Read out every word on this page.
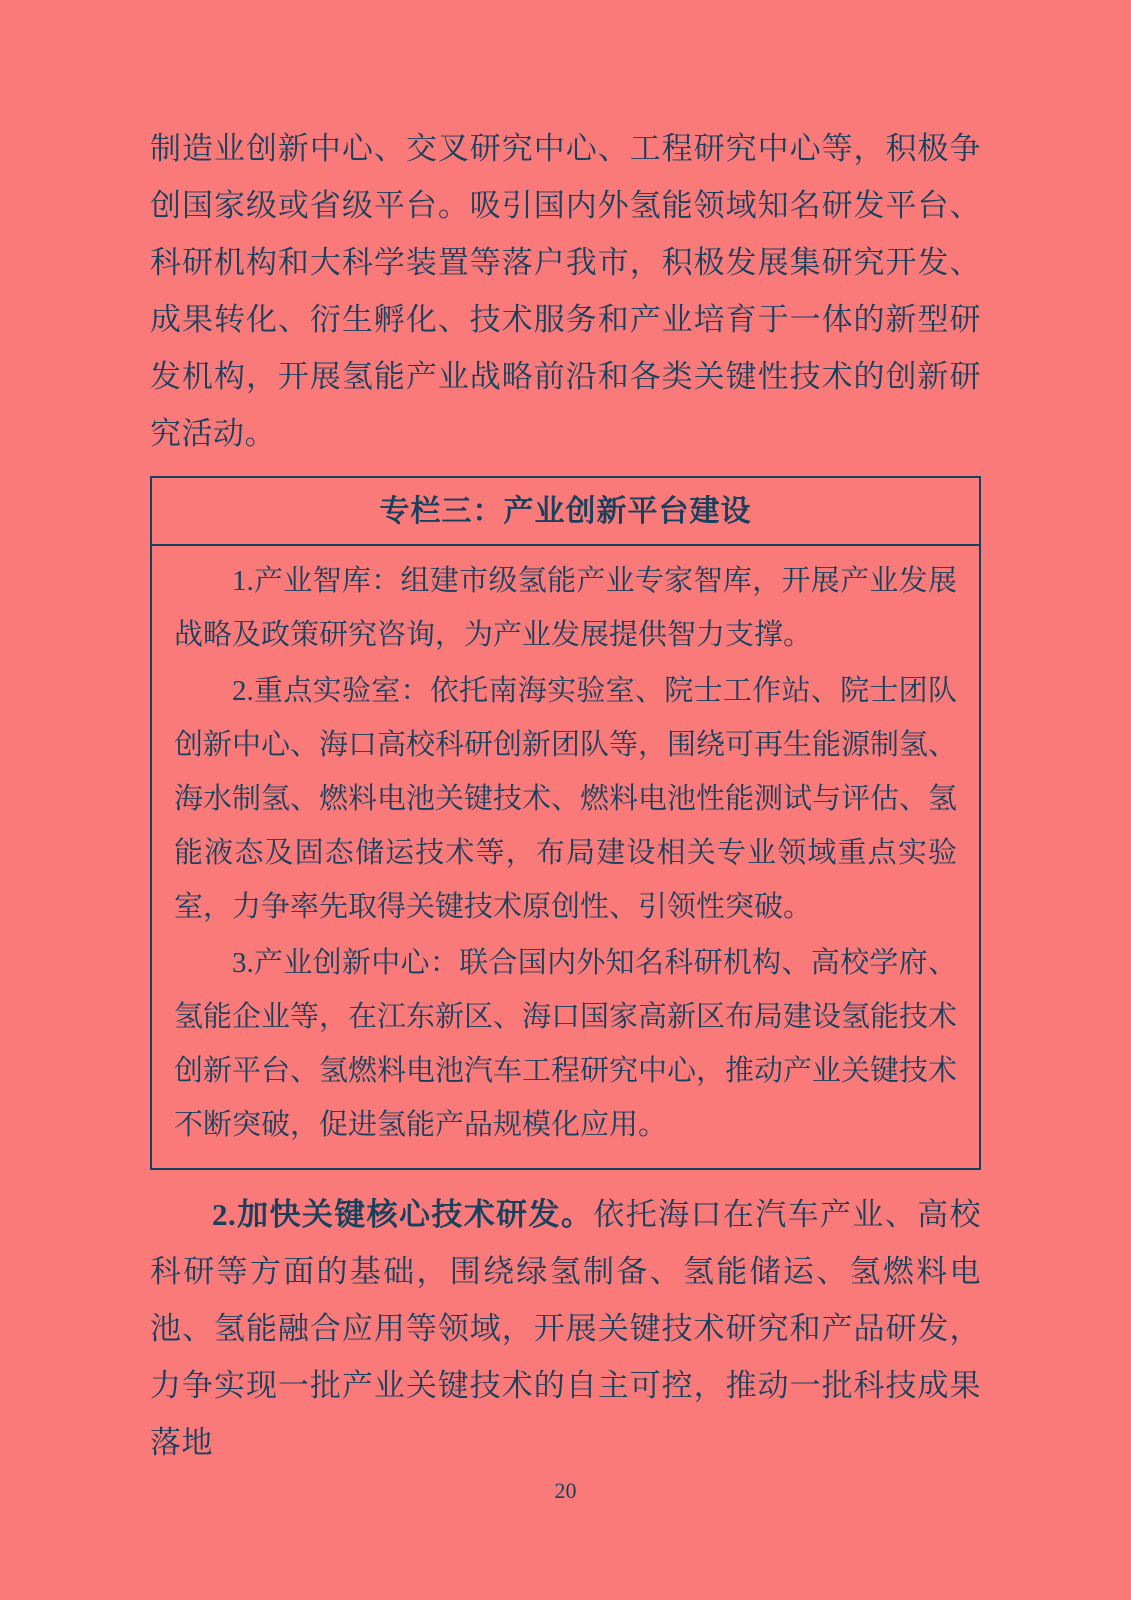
制造业创新中心、交叉研究中心、工程研究中心等，积极争创国家级或省级平台。吸引国内外氢能领域知名研发平台、科研机构和大科学装置等落户我市，积极发展集研究开发、成果转化、衍生孵化、技术服务和产业培育于一体的新型研发机构，开展氢能产业战略前沿和各类关键性技术的创新研究活动。

专栏三：产业创新平台建设

1.产业智库：组建市级氢能产业专家智库，开展产业发展战略及政策研究咨询，为产业发展提供智力支撑。

2.重点实验室：依托南海实验室、院士工作站、院士团队创新中心、海口高校科研创新团队等，围绕可再生能源制氢、海水制氢、燃料电池关键技术、燃料电池性能测试与评估、氢能液态及固态储运技术等，布局建设相关专业领域重点实验室，力争率先取得关键技术原创性、引领性突破。

3.产业创新中心：联合国内外知名科研机构、高校学府、氢能企业等，在江东新区、海口国家高新区布局建设氢能技术创新平台、氢燃料电池汽车工程研究中心，推动产业关键技术不断突破，促进氢能产品规模化应用。

2.加快关键核心技术研发。依托海口在汽车产业、高校科研等方面的基础，围绕绿氢制备、氢能储运、氢燃料电池、氢能融合应用等领域，开展关键技术研究和产品研发，力争实现一批产业关键技术的自主可控，推动一批科技成果落地

20
